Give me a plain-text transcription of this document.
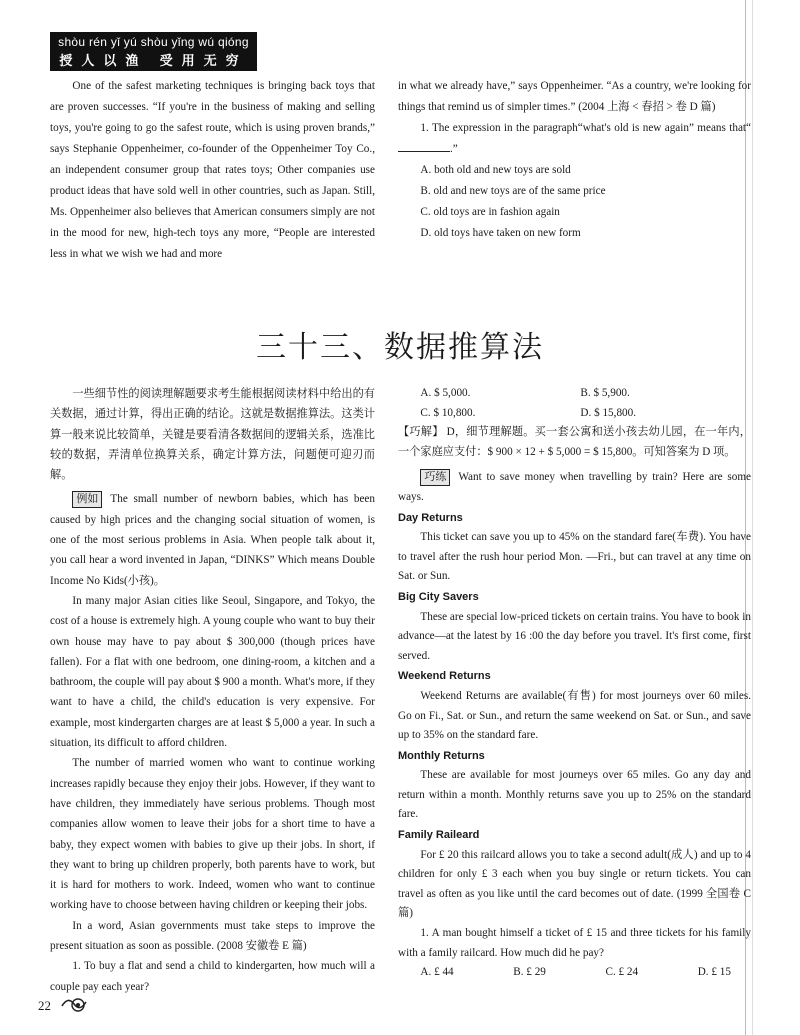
shòu rén yǐ yú shòu yǐng wú qióng
授人以渔 受用无穷

One of the safest marketing techniques is bringing back toys that are proven successes. “If you're in the business of making and selling toys, you're going to go the safest route, which is using proven brands,” says Stephanie Oppenheimer, co-founder of the Oppenheimer Toy Co., an independent consumer group that rates toys; Other companies use product ideas that have sold well in other countries, such as Japan. Still, Ms. Oppenheimer also believes that American consumers simply are not in the mood for new, high-tech toys any more, “People are interested less in what we wish we had and more

in what we already have,” says Oppenheimer. “As a country, we're looking for things that remind us of simpler times.” (2004 上海 < 春招 > 卷 D 篇)

1. The expression in the paragraph“what's old is new again” means that“.”

A. both old and new toys are sold
B. old and new toys are of the same price
C. old toys are in fashion again
D. old toys have taken on new form
三十三、数据推算法

一些细节性的阅读理解题要求考生能根据阅读材料中给出的有关数据，通过计算，得出正确的结论。这就是数据推算法。这类计算一般来说比较简单，关键是要看清各数据间的逻辑关系，选准比较的数据，弄清单位换算关系，确定计算方法，问题便可迎刃而解。

例如 The small number of newborn babies, which has been caused by high prices and the changing social situation of women, is one of the most serious problems in Asia. When people talk about it, you call hear a word invented in Japan, “DINKS” Which means Double Income No Kids(小孩)。

In many major Asian cities like Seoul, Singapore, and Tokyo, the cost of a house is extremely high. A young couple who want to buy their own house may have to pay about $ 300,000 (though prices have fallen). For a flat with one bedroom, one dining-room, a kitchen and a bathroom, the couple will pay about $ 900 a month. What's more, if they want to have a child, the child's education is very expensive. For example, most kindergarten charges are at least $ 5,000 a year. In such a situation, its difficult to afford children.

The number of married women who want to continue working increases rapidly because they enjoy their jobs. However, if they want to have children, they immediately have serious problems. Though most companies allow women to leave their jobs for a short time to have a baby, they expect women with babies to give up their jobs. In short, if they want to bring up children properly, both parents have to work, but it is hard for mothers to work. Indeed, women who want to continue working have to choose between having children or keeping their jobs.

In a word, Asian governments must take steps to improve the present situation as soon as possible. (2008 安徽卷 E 篇)

1. To buy a flat and send a child to kindergarten, how much will a couple pay each year?

A. $ 5,000.	B. $ 5,900.
C. $ 10,800.	D. $ 15,800.

【巧解】 D，细节理解题。买一套公寓和送小孩去幼儿园，在一年内，一个家庭应支付：$ 900 × 12 + $ 5,000 = $ 15,800。可知答案为 D 项。

巧练 Want to save money when travelling by train? Here are some ways.

Day Returns

This ticket can save you up to 45% on the standard fare(车费). You have to travel after the rush hour period Mon. —Fri., but can travel at any time on Sat. or Sun.

Big City Savers

These are special low-priced tickets on certain trains. You have to book in advance—at the latest by 16 :00 the day before you travel. It's first come, first served.

Weekend Returns

Weekend Returns are available(有售) for most journeys over 60 miles. Go on Fi., Sat. or Sun., and return the same weekend on Sat. or Sun., and save up to 35% on the standard fare.

Monthly Returns

These are available for most journeys over 65 miles. Go any day and return within a month. Monthly returns save you up to 25% on the standard fare.

Family Raileard

For £ 20 this railcard allows you to take a second adult(成人) and up to 4 children for only £ 3 each when you buy single or return tickets. You can travel as often as you like until the card becomes out of date. (1999 全国卷 C 篇)

1. A man bought himself a ticket of £ 15 and three tickets for his family with a family railcard. How much did he pay?

A. £ 44	B. £ 29	C. £ 24	D. £ 15
22
